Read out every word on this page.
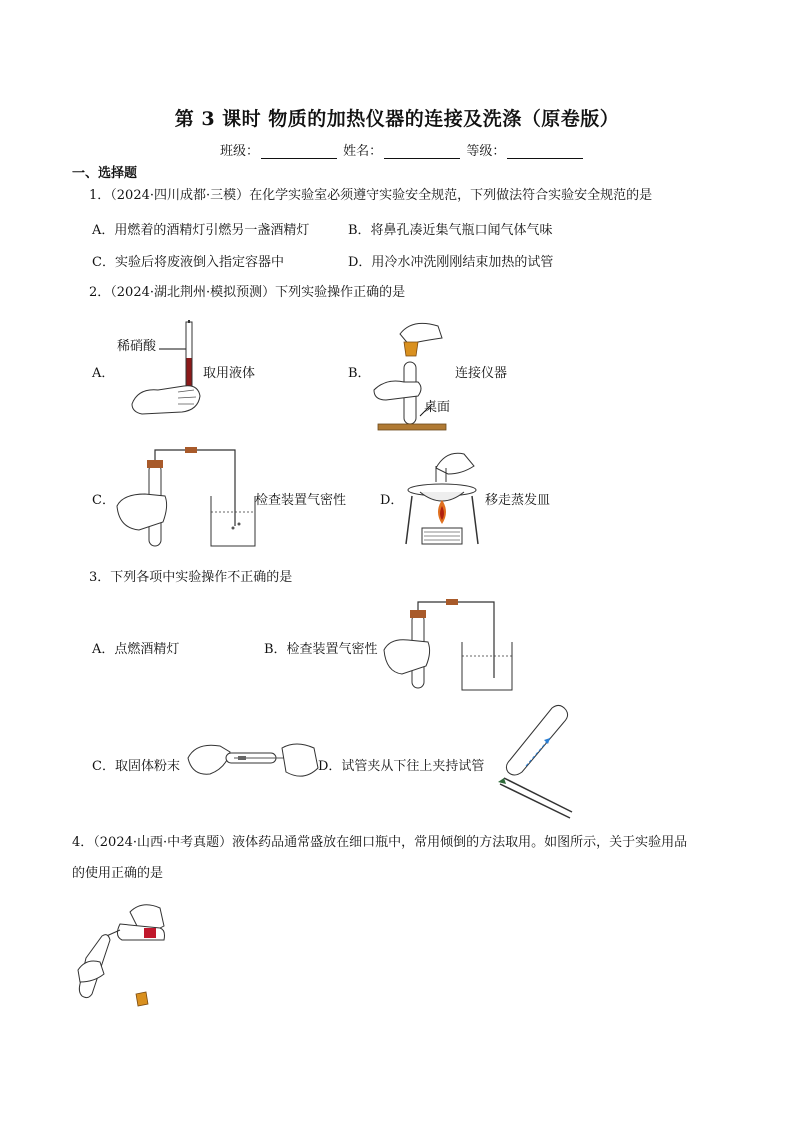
第 3 课时 物质的加热仪器的连接及洗涤（原卷版）
班级：	姓名：	等级：
一、选择题
1．（2024·四川成都·三模）在化学实验室必须遵守实验安全规范，下列做法符合实验安全规范的是
A．用燃着的酒精灯引燃另一盏酒精灯	B．将鼻孔凑近集气瓶口闻气体气味
C．实验后将废液倒入指定容器中	D．用冷水冲洗刚刚结束加热的试管
2．（2024·湖北荆州·模拟预测）下列实验操作正确的是
A．
稀硝酸
取用液体	B．	连接仪器
桌面
C．	检查装置气密性	D．	移走蒸发皿
3．下列各项中实验操作不正确的是
A．点燃酒精灯	B．检查装置气密性
C．取固体粉末	D．试管夹从下往上夹持试管
4．（2024·山西·中考真题）液体药品通常盛放在细口瓶中，常用倾倒的方法取用。如图所示，关于实验用品
的使用正确的是
